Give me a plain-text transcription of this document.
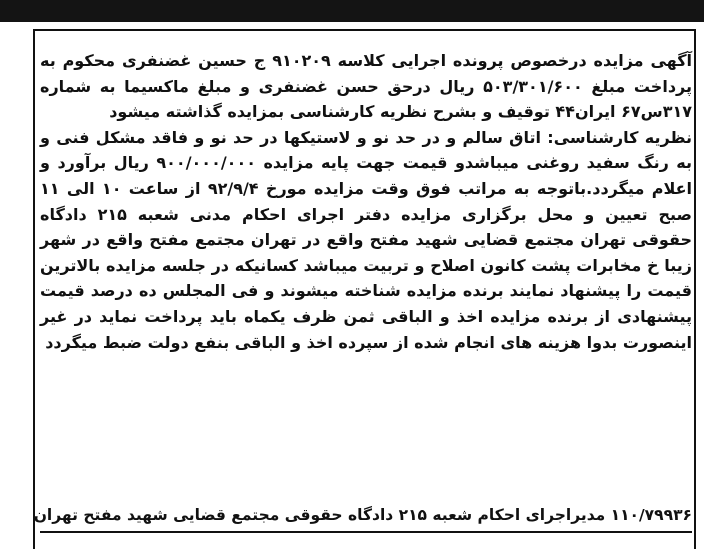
آگهی مزایده درخصوص پرونده اجرایی کلاسه ۹۱۰۲۰۹ ج حسین غضنفری محکوم به پرداخت مبلغ ۵۰۳/۳۰۱/۶۰۰ ریال درحق حسن غضنفری و مبلغ ماکسیما به شماره ۳۱۷س۶۷ ایران۴۴ توقیف و بشرح نظریه کارشناسی بمزایده گذاشته میشود

نظریه کارشناسی: اتاق سالم و در حد نو و لاستیکها در حد نو و فاقد مشکل فنی و به رنگ سفید روغنی میباشدو قیمت جهت پایه مزایده ۹۰۰/۰۰۰/۰۰۰ ریال برآورد و اعلام میگردد.باتوجه به مراتب فوق وقت مزایده مورخ ۹۲/۹/۴ از ساعت ۱۰ الی ۱۱ صبح تعیین و محل برگزاری مزایده دفتر اجرای احکام مدنی شعبه ۲۱۵ دادگاه حقوقی تهران مجتمع قضایی شهید مفتح واقع در تهران مجتمع مفتح واقع در شهر زیبا خ مخابرات پشت کانون اصلاح و تربیت میباشد کسانیکه در جلسه مزایده بالاترین قیمت را پیشنهاد نمایند برنده مزایده شناخته میشوند و فی المجلس ده درصد قیمت پیشنهادی از برنده مزایده اخذ و الباقی ثمن ظرف یکماه باید پرداخت نماید در غیر اینصورت بدوا هزینه های انجام شده از سپرده اخذ و الباقی بنفع دولت ضبط میگردد

۱۱۰/۷۹۹۳۶ مدیراجرای احکام شعبه ۲۱۵ دادگاه حقوقی مجتمع قضایی شهید مفتح تهران
